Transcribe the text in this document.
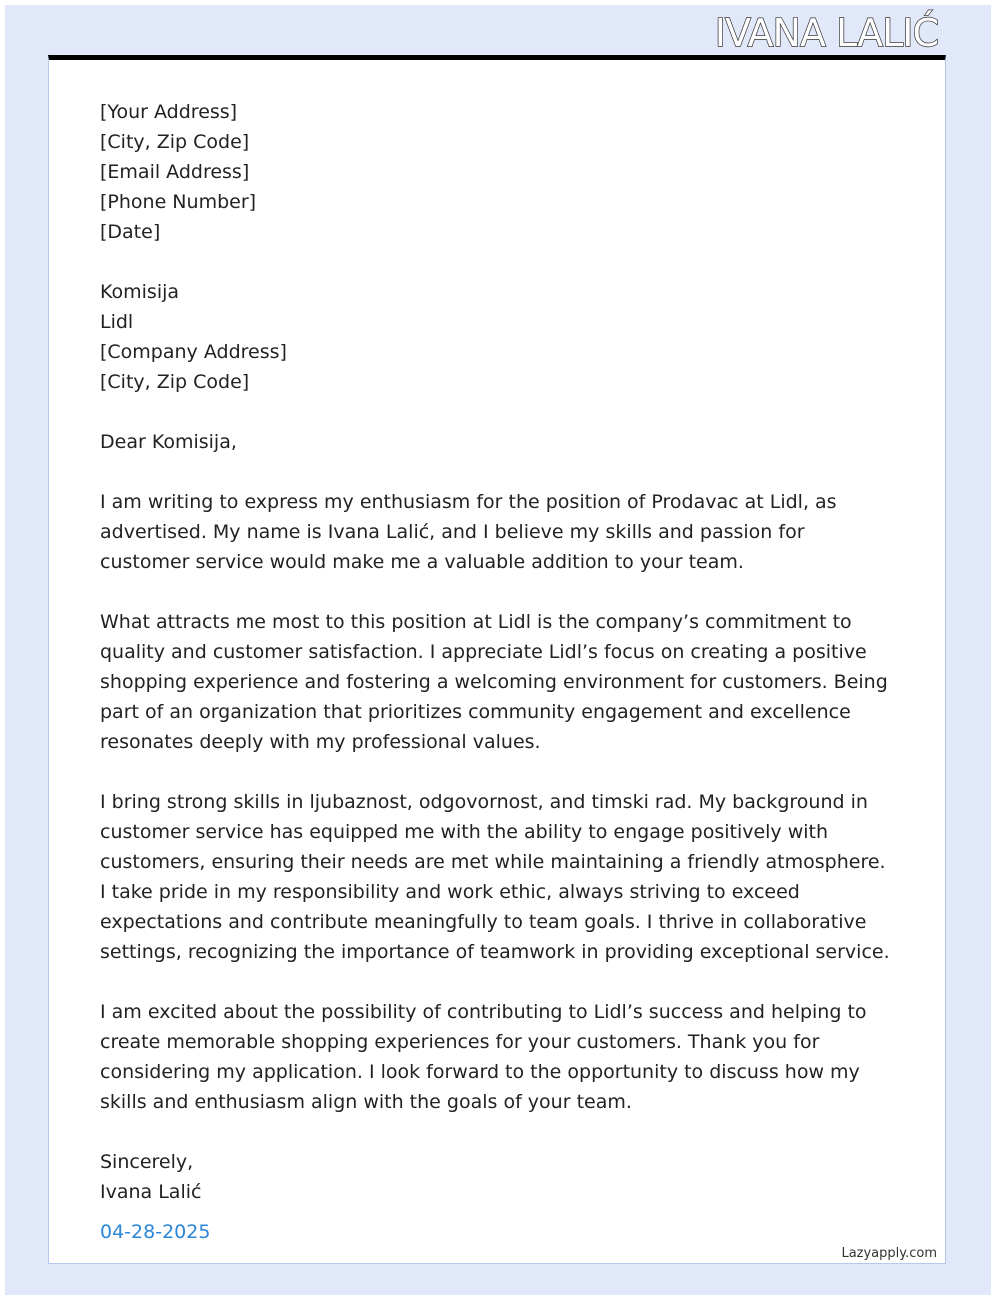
IVANA LALIĆ
[Your Address]
[City, Zip Code]
[Email Address]
[Phone Number]
[Date]
Komisija
Lidl
[Company Address]
[City, Zip Code]
Dear Komisija,
I am writing to express my enthusiasm for the position of Prodavac at Lidl, as advertised. My name is Ivana Lalić, and I believe my skills and passion for customer service would make me a valuable addition to your team.
What attracts me most to this position at Lidl is the company’s commitment to quality and customer satisfaction. I appreciate Lidl’s focus on creating a positive shopping experience and fostering a welcoming environment for customers. Being part of an organization that prioritizes community engagement and excellence resonates deeply with my professional values.
I bring strong skills in ljubaznost, odgovornost, and timski rad. My background in customer service has equipped me with the ability to engage positively with customers, ensuring their needs are met while maintaining a friendly atmosphere. I take pride in my responsibility and work ethic, always striving to exceed expectations and contribute meaningfully to team goals. I thrive in collaborative settings, recognizing the importance of teamwork in providing exceptional service.
I am excited about the possibility of contributing to Lidl’s success and helping to create memorable shopping experiences for your customers. Thank you for considering my application. I look forward to the opportunity to discuss how my skills and enthusiasm align with the goals of your team.
Sincerely,
Ivana Lalić
04-28-2025
Lazyapply.com
